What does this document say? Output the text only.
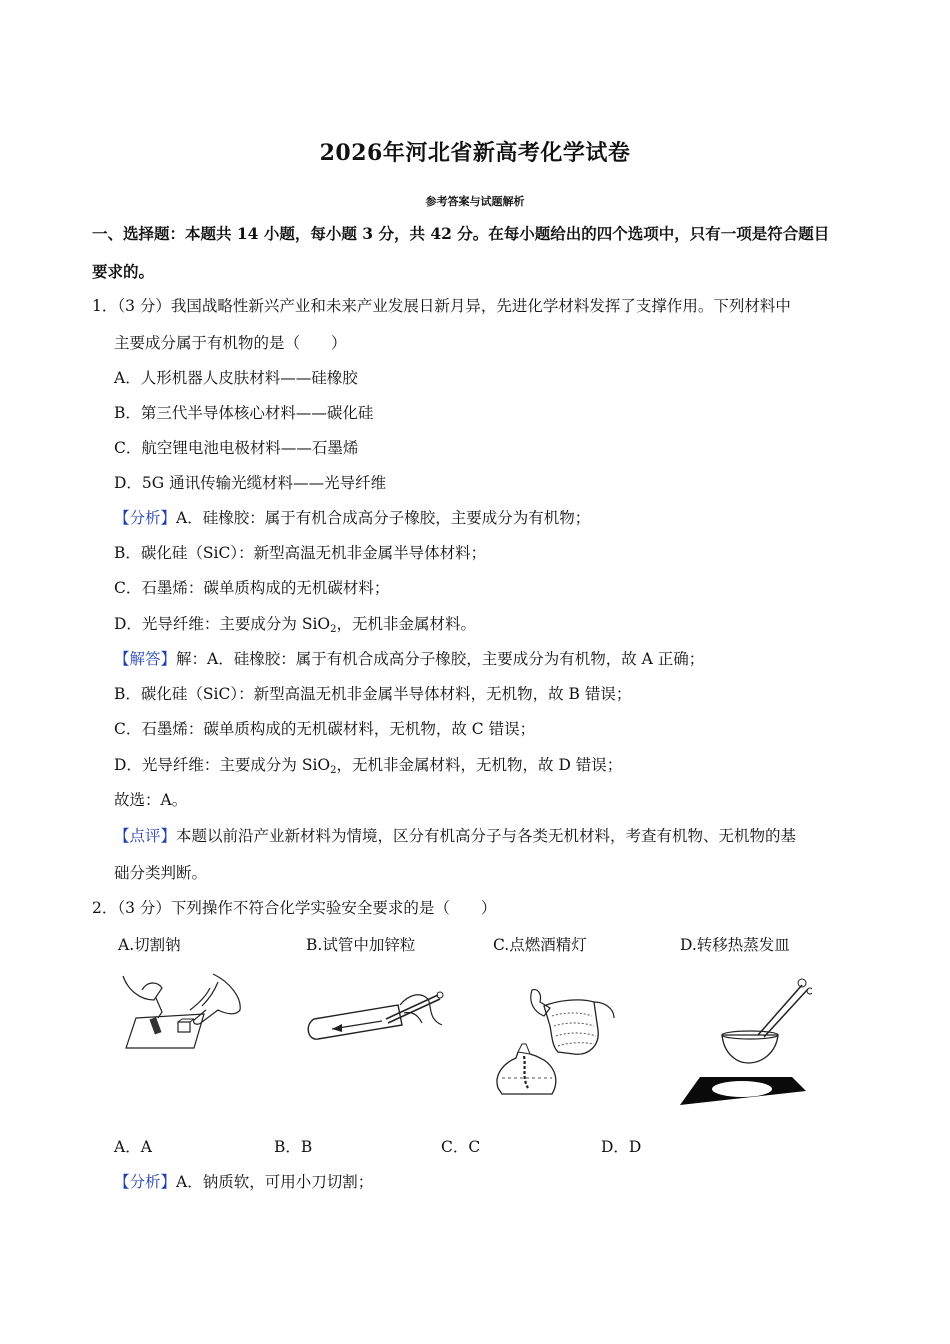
2026年河北省新高考化学试卷
参考答案与试题解析
一、选择题：本题共 14 小题，每小题 3 分，共 42 分。在每小题给出的四个选项中，只有一项是符合题目
要求的。
1．（3 分）我国战略性新兴产业和未来产业发展日新月异，先进化学材料发挥了支撑作用。下列材料中
主要成分属于有机物的是（　　）
A．人形机器人皮肤材料——硅橡胶
B．第三代半导体核心材料——碳化硅
C．航空锂电池电极材料——石墨烯
D．5G 通讯传输光缆材料——光导纤维
【分析】A．硅橡胶：属于有机合成高分子橡胶，主要成分为有机物；
B．碳化硅（SiC）：新型高温无机非金属半导体材料；
C．石墨烯：碳单质构成的无机碳材料；
D．光导纤维：主要成分为 SiO$_2$，无机非金属材料。
【解答】解：A．硅橡胶：属于有机合成高分子橡胶，主要成分为有机物，故 A 正确；
B．碳化硅（SiC）：新型高温无机非金属半导体材料，无机物，故 B 错误；
C．石墨烯：碳单质构成的无机碳材料，无机物，故 C 错误；
D．光导纤维：主要成分为 SiO$_2$，无机非金属材料，无机物，故 D 错误；
故选：A。
【点评】本题以前沿产业新材料为情境，区分有机高分子与各类无机材料，考查有机物、无机物的基
础分类判断。
2．（3 分）下列操作不符合化学实验安全要求的是（　　）
A.切割钠	B.试管中加锌粒	C.点燃酒精灯	D.转移热蒸发皿
A．A	B．B	C．C	D．D
【分析】A．钠质软，可用小刀切割；
